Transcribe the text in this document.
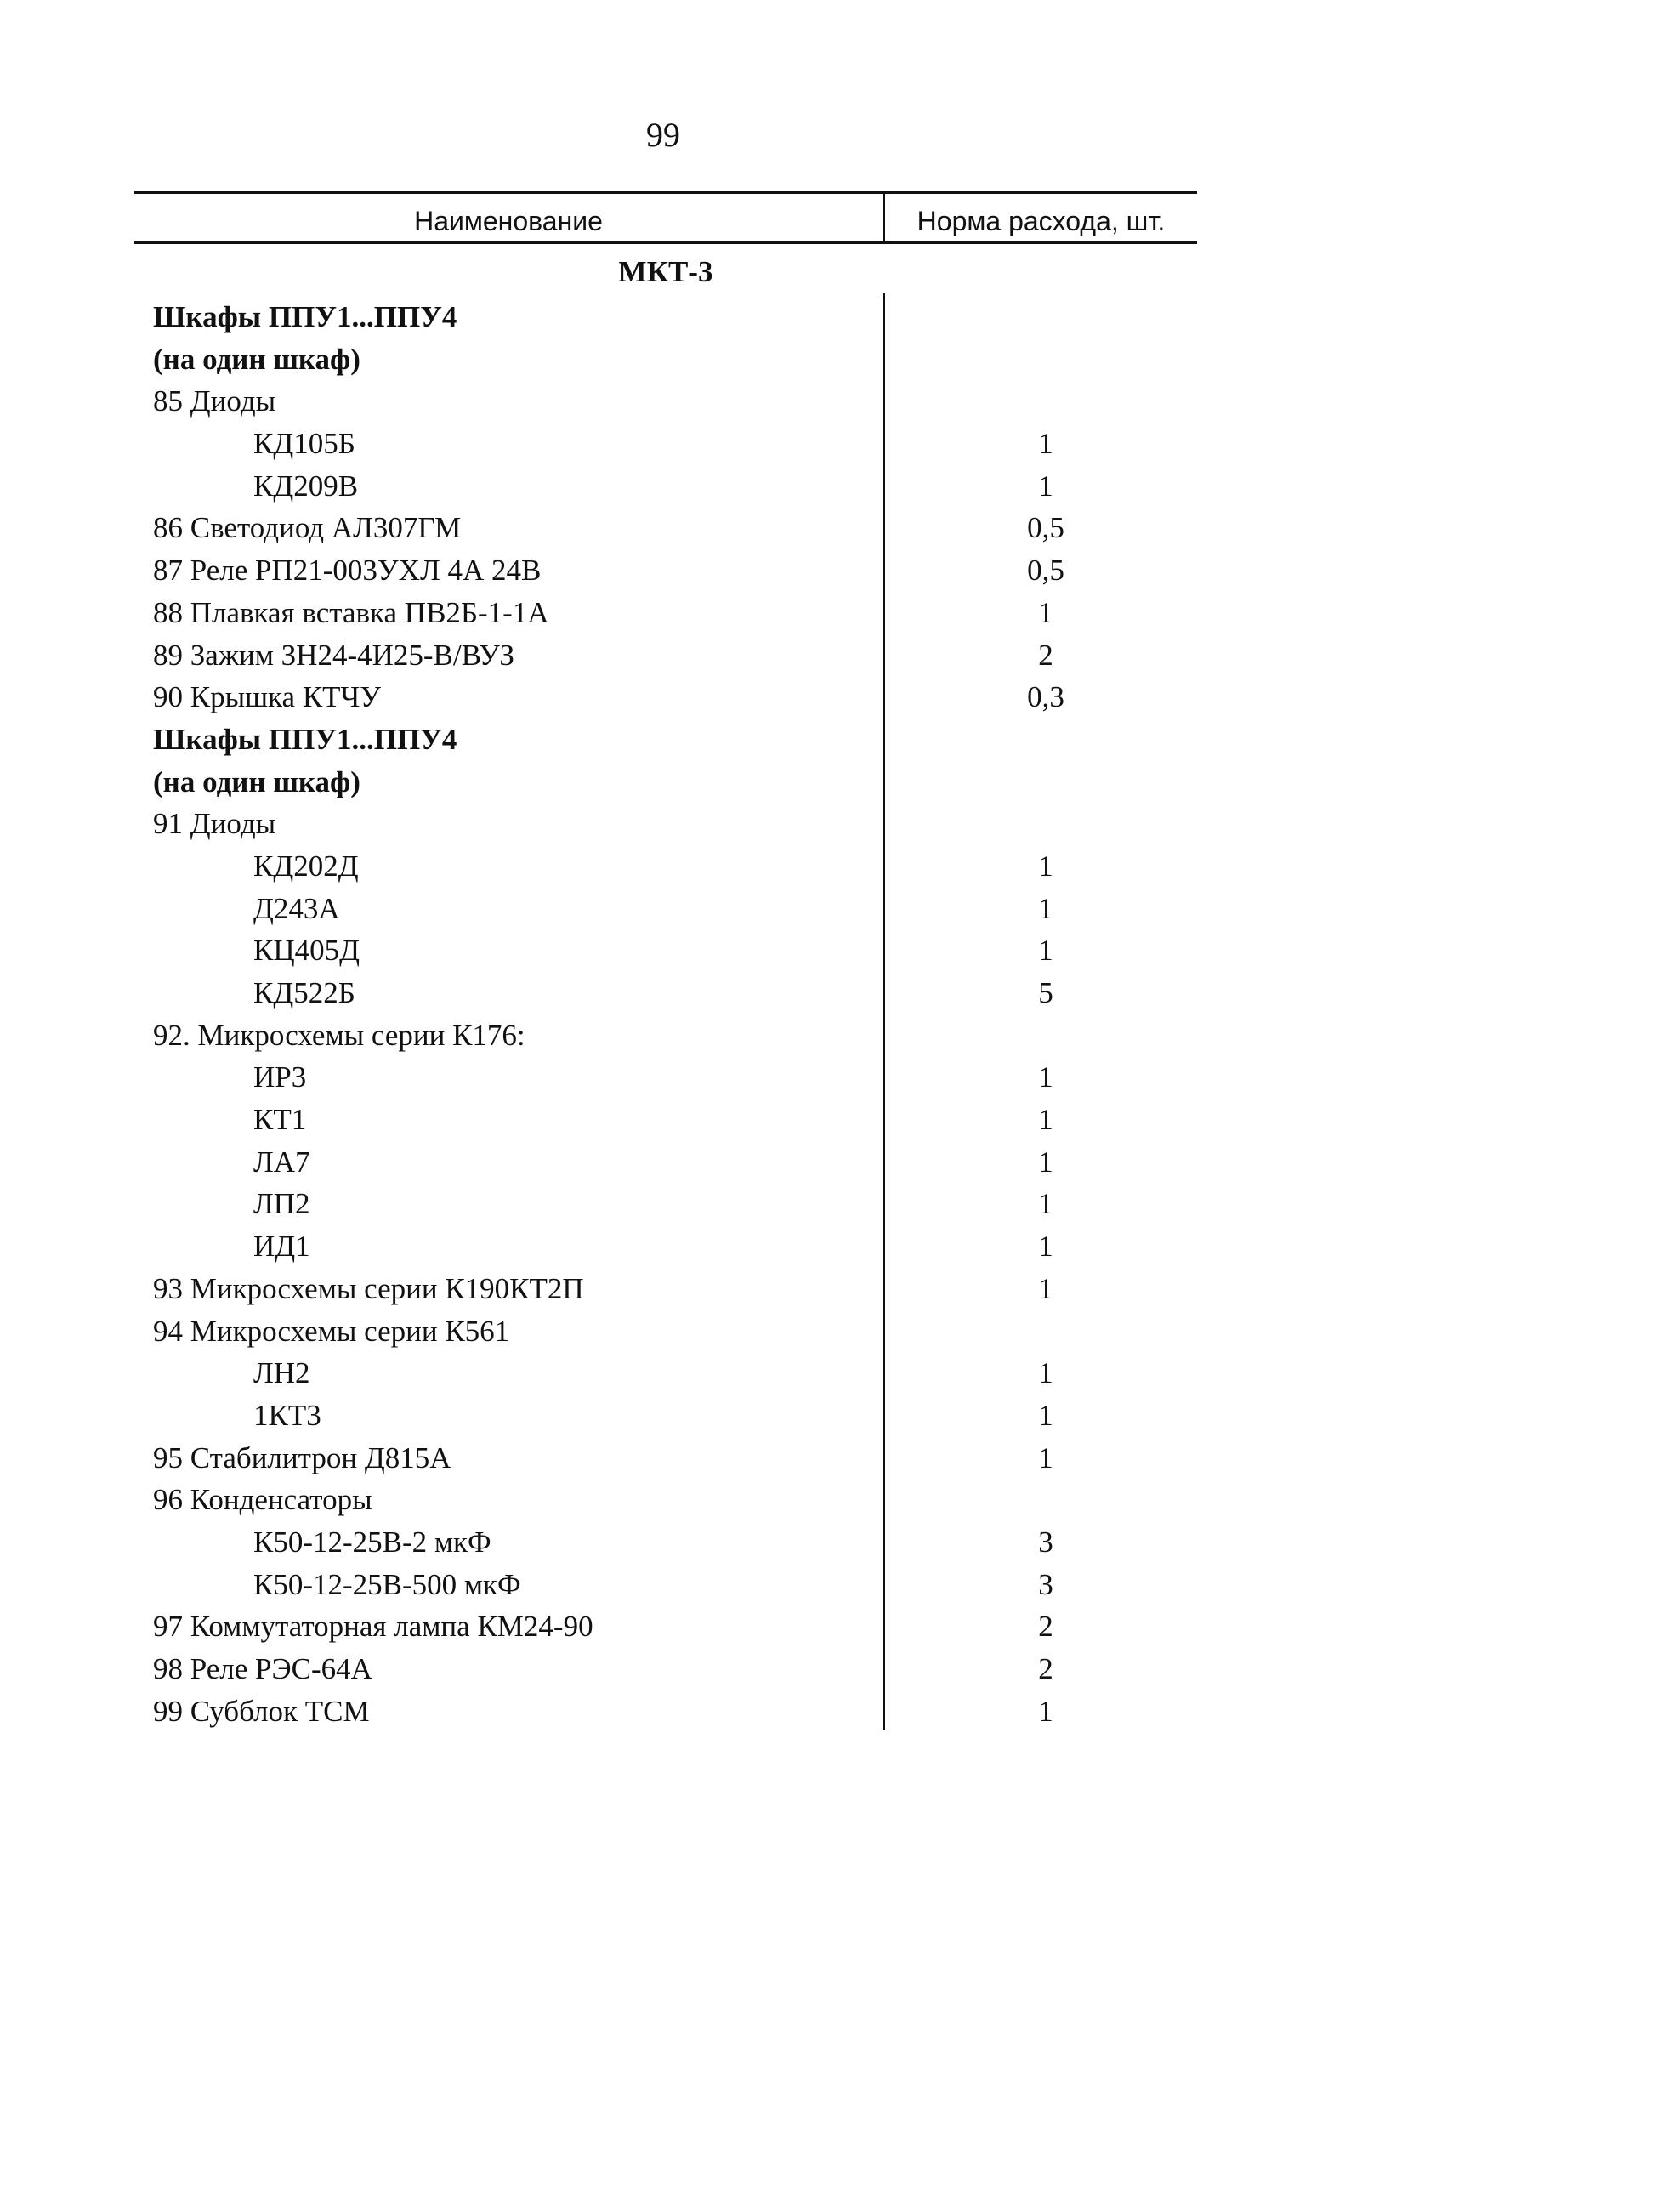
99
Наименование	Норма расхода, шт.
МКТ-3
Шкафы ППУ1...ППУ4
(на один шкаф)
85 Диоды
КД105Б	1
КД209В	1
86 Светодиод АЛ307ГМ	0,5
87 Реле РП21-003УХЛ 4А 24В	0,5
88 Плавкая вставка ПВ2Б-1-1А	1
89 Зажим ЗН24-4И25-В/ВУЗ	2
90 Крышка КТЧУ	0,3
Шкафы ППУ1...ППУ4
(на один шкаф)
91 Диоды
КД202Д	1
Д243А	1
КЦ405Д	1
КД522Б	5
92. Микросхемы серии К176:
ИР3	1
КТ1	1
ЛА7	1
ЛП2	1
ИД1	1
93 Микросхемы серии К190КТ2П	1
94 Микросхемы серии К561
ЛН2	1
1КТ3	1
95 Стабилитрон Д815А	1
96 Конденсаторы
К50-12-25В-2 мкФ	3
К50-12-25В-500 мкФ	3
97 Коммутаторная лампа КМ24-90	2
98 Реле РЭС-64А	2
99 Субблок ТСМ	1
